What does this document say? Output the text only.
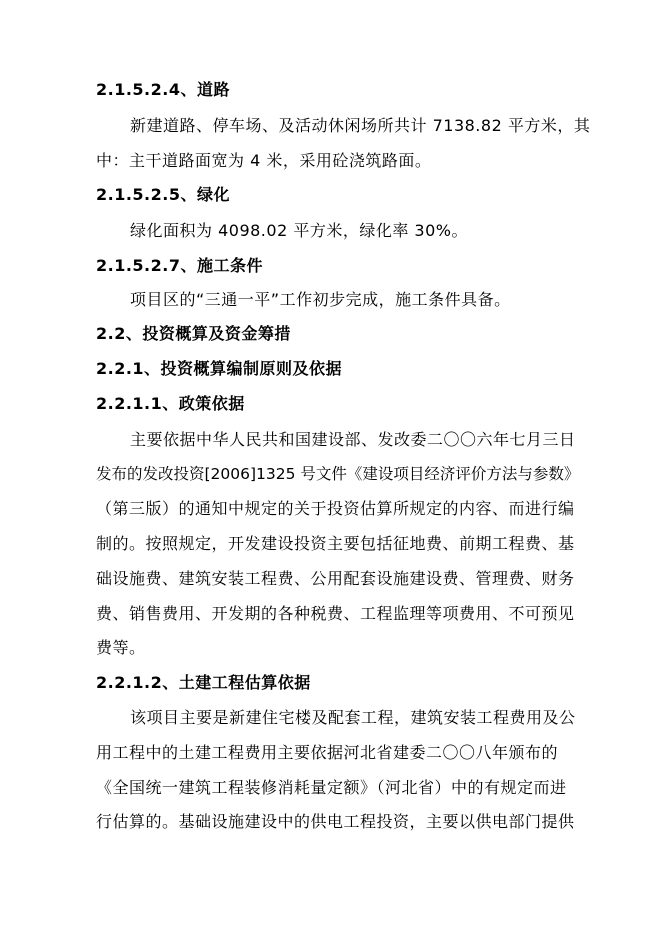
2.1.5.2.4、道路
新建道路、停车场、及活动休闲场所共计 7138.82 平方米，其
中：主干道路面宽为 4 米，采用砼浇筑路面。
2.1.5.2.5、绿化
绿化面积为 4098.02 平方米，绿化率 30%。
2.1.5.2.7、施工条件
项目区的“三通一平”工作初步完成，施工条件具备。
2.2、投资概算及资金筹措
2.2.1、投资概算编制原则及依据
2.2.1.1、政策依据
主要依据中华人民共和国建设部、发改委二〇〇六年七月三日
发布的发改投资[2006]1325 号文件《建设项目经济评价方法与参数》
（第三版）的通知中规定的关于投资估算所规定的内容、而进行编
制的。按照规定，开发建设投资主要包括征地费、前期工程费、基
础设施费、建筑安装工程费、公用配套设施建设费、管理费、财务
费、销售费用、开发期的各种税费、工程监理等项费用、不可预见
费等。
2.2.1.2、土建工程估算依据
该项目主要是新建住宅楼及配套工程，建筑安装工程费用及公
用工程中的土建工程费用主要依据河北省建委二〇〇八年颁布的
《全国统一建筑工程装修消耗量定额》（河北省）中的有规定而进
行估算的。基础设施建设中的供电工程投资，主要以供电部门提供
